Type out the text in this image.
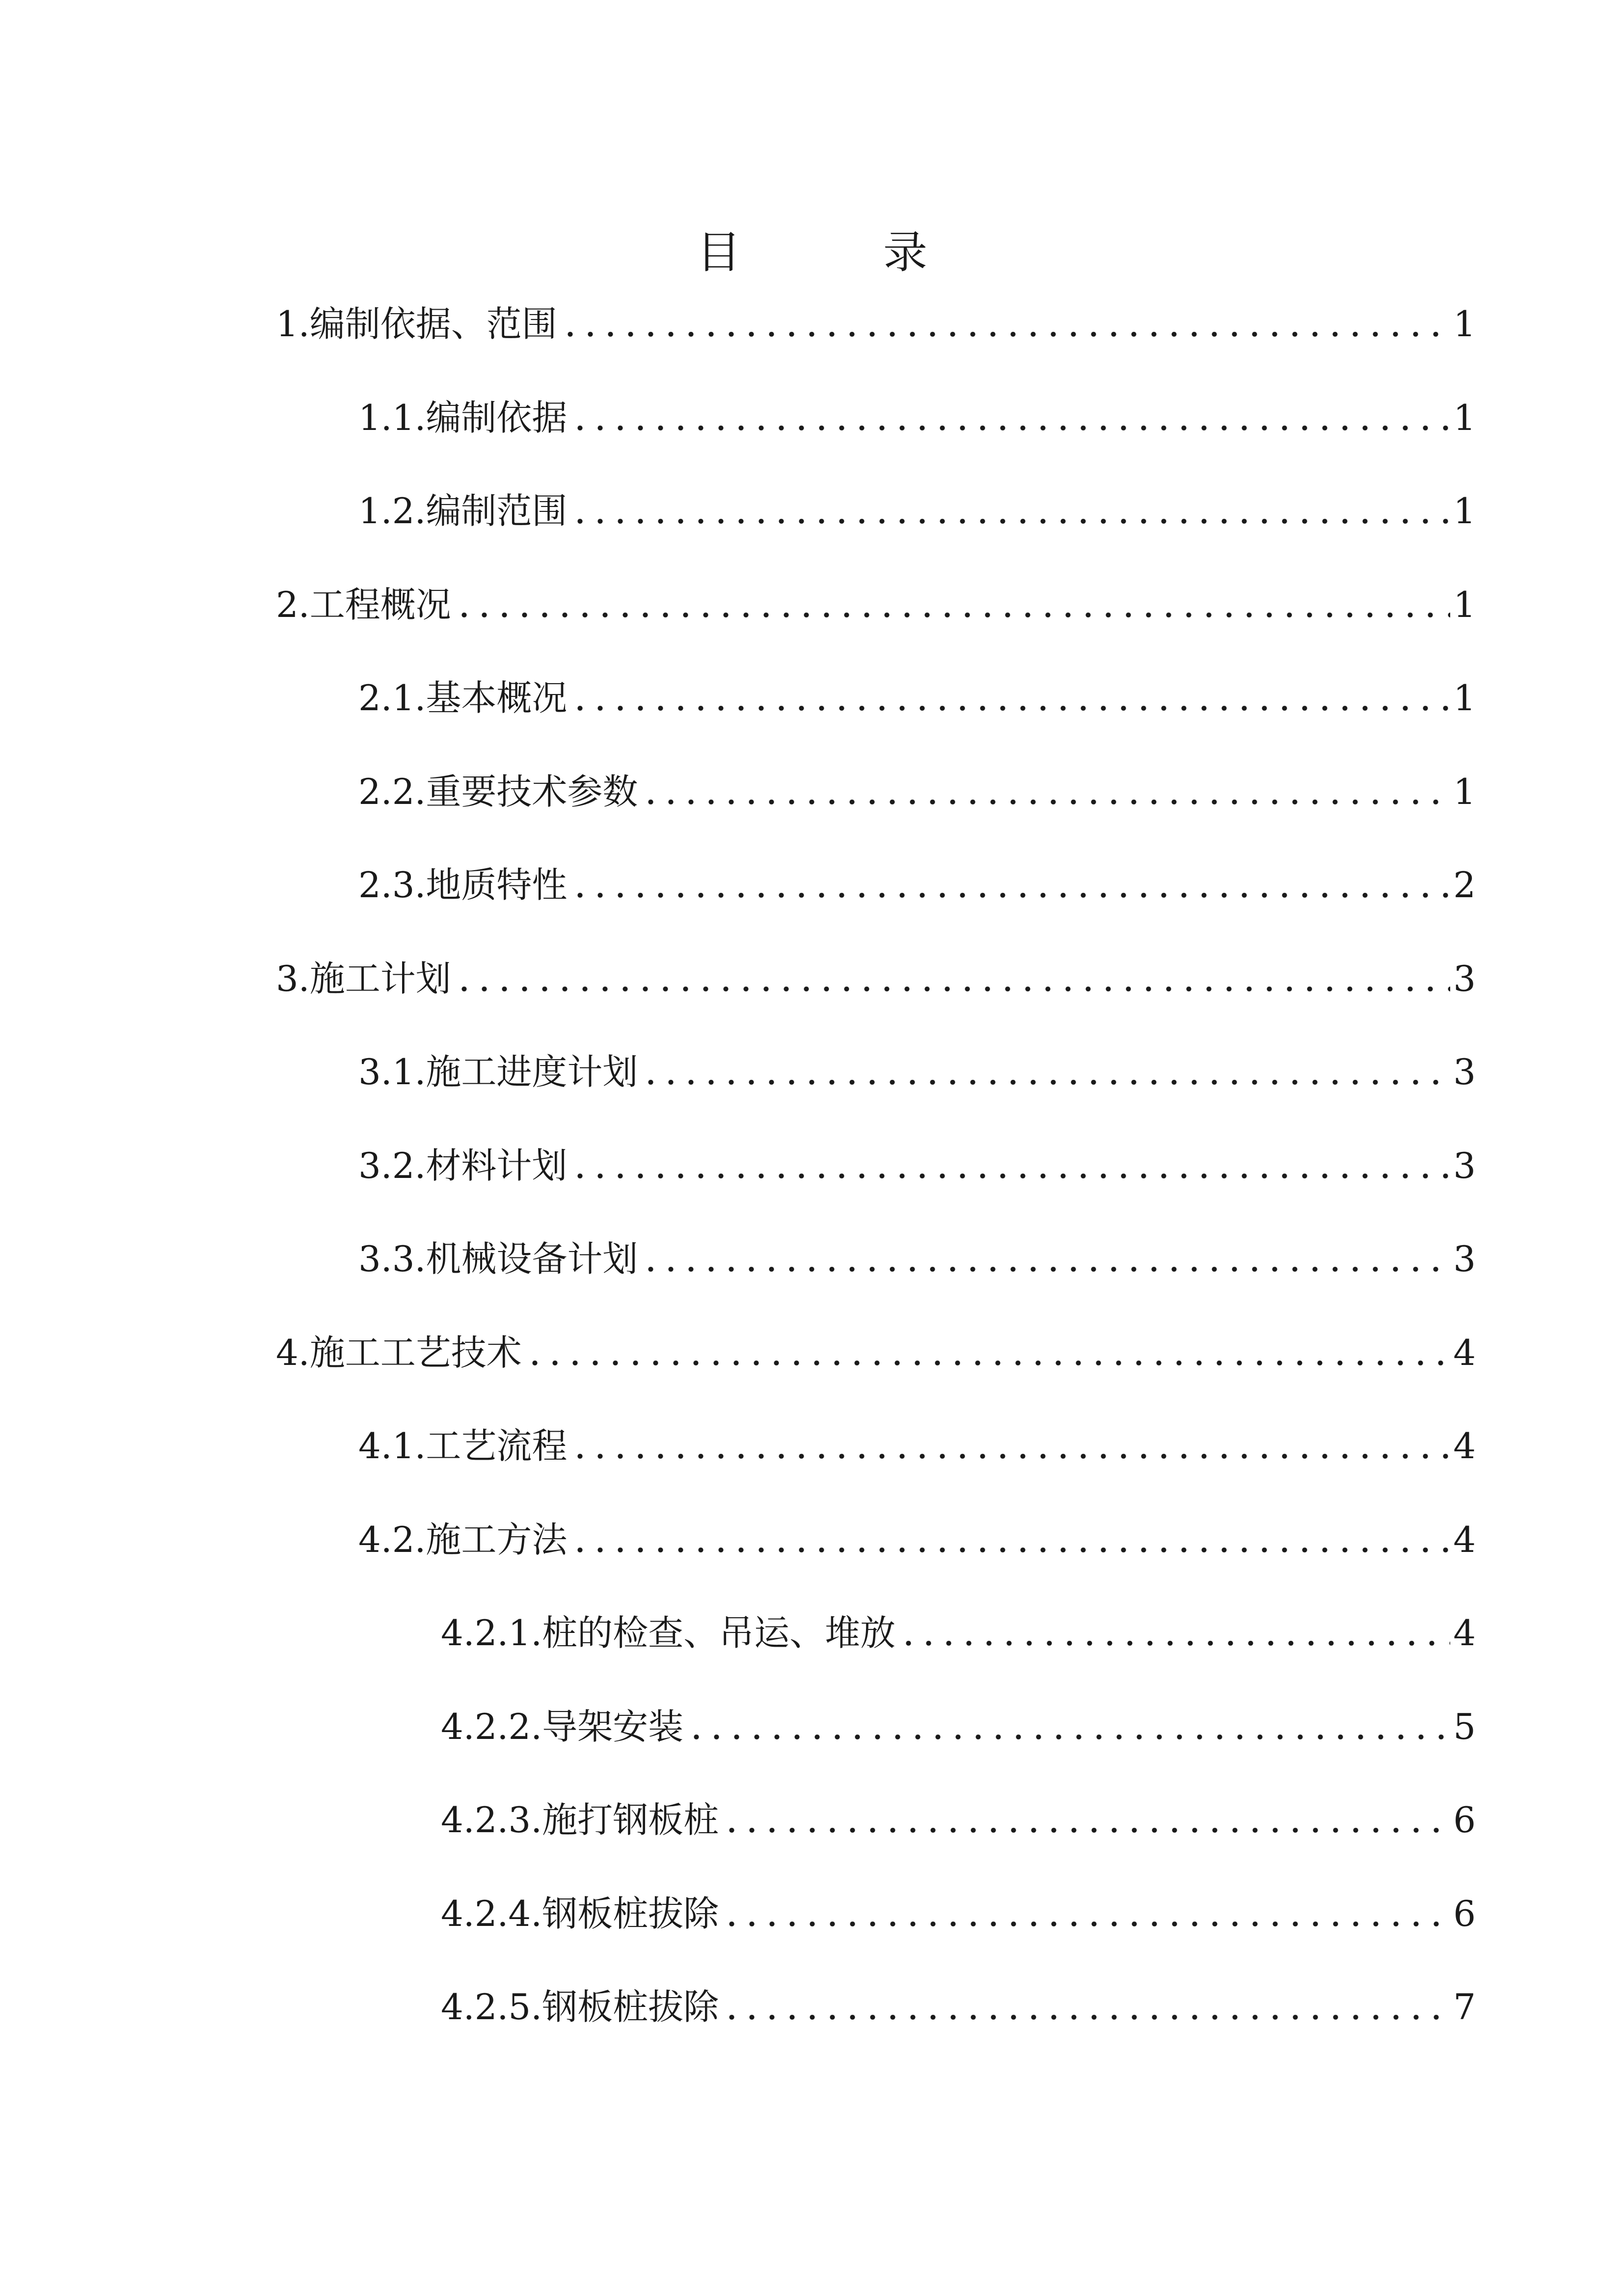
目　录
1.编制依据、范围	1
1.1.编制依据	1
1.2.编制范围	1
2.工程概况	1
2.1.基本概况	1
2.2.重要技术参数	1
2.3.地质特性	2
3.施工计划	3
3.1.施工进度计划	3
3.2.材料计划	3
3.3.机械设备计划	3
4.施工工艺技术	4
4.1.工艺流程	4
4.2.施工方法	4
4.2.1.桩的检查、吊运、堆放	4
4.2.2.导架安装	5
4.2.3.施打钢板桩	6
4.2.4.钢板桩拔除	6
4.2.5.钢板桩拔除	7
